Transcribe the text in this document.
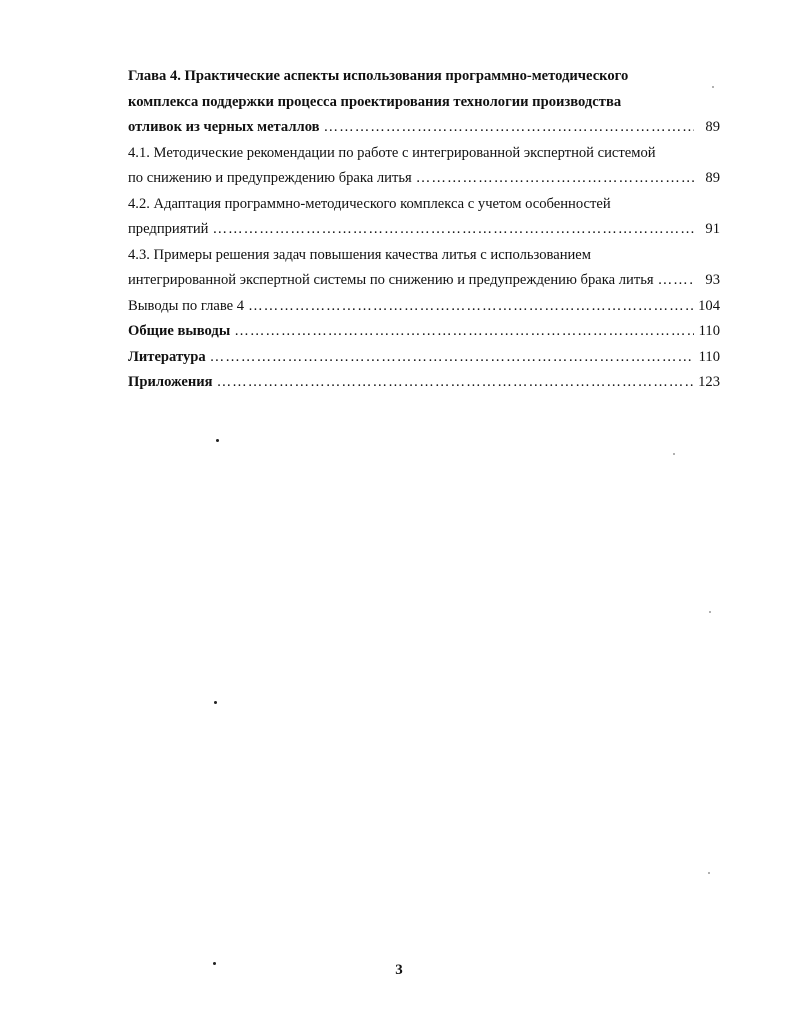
Глава 4. Практические аспекты использования программно-методического
комплекса поддержки процесса проектирования технологии производства
отливок из черных металлов ……………………………………………………………………………………………………………………………………………………………………………………………………	89
4.1. Методические рекомендации по работе с интегрированной экспертной системой
по снижению и предупреждению брака литья ……………………………………………………………………………………………………………………………………………………………………………………………………	89
4.2. Адаптация программно-методического комплекса с учетом особенностей
предприятий ……………………………………………………………………………………………………………………………………………………………………………………………………	91
4.3. Примеры решения задач повышения качества литья с использованием
интегрированной экспертной системы по снижению и предупреждению брака литья ……………………………………………………………………………………………………………………………………………………………………………………………………	93
Выводы по главе 4 ……………………………………………………………………………………………………………………………………………………………………………………………………	104
Общие выводы ……………………………………………………………………………………………………………………………………………………………………………………………………	110
Литература ……………………………………………………………………………………………………………………………………………………………………………………………………	110
Приложения ……………………………………………………………………………………………………………………………………………………………………………………………………	123
3
